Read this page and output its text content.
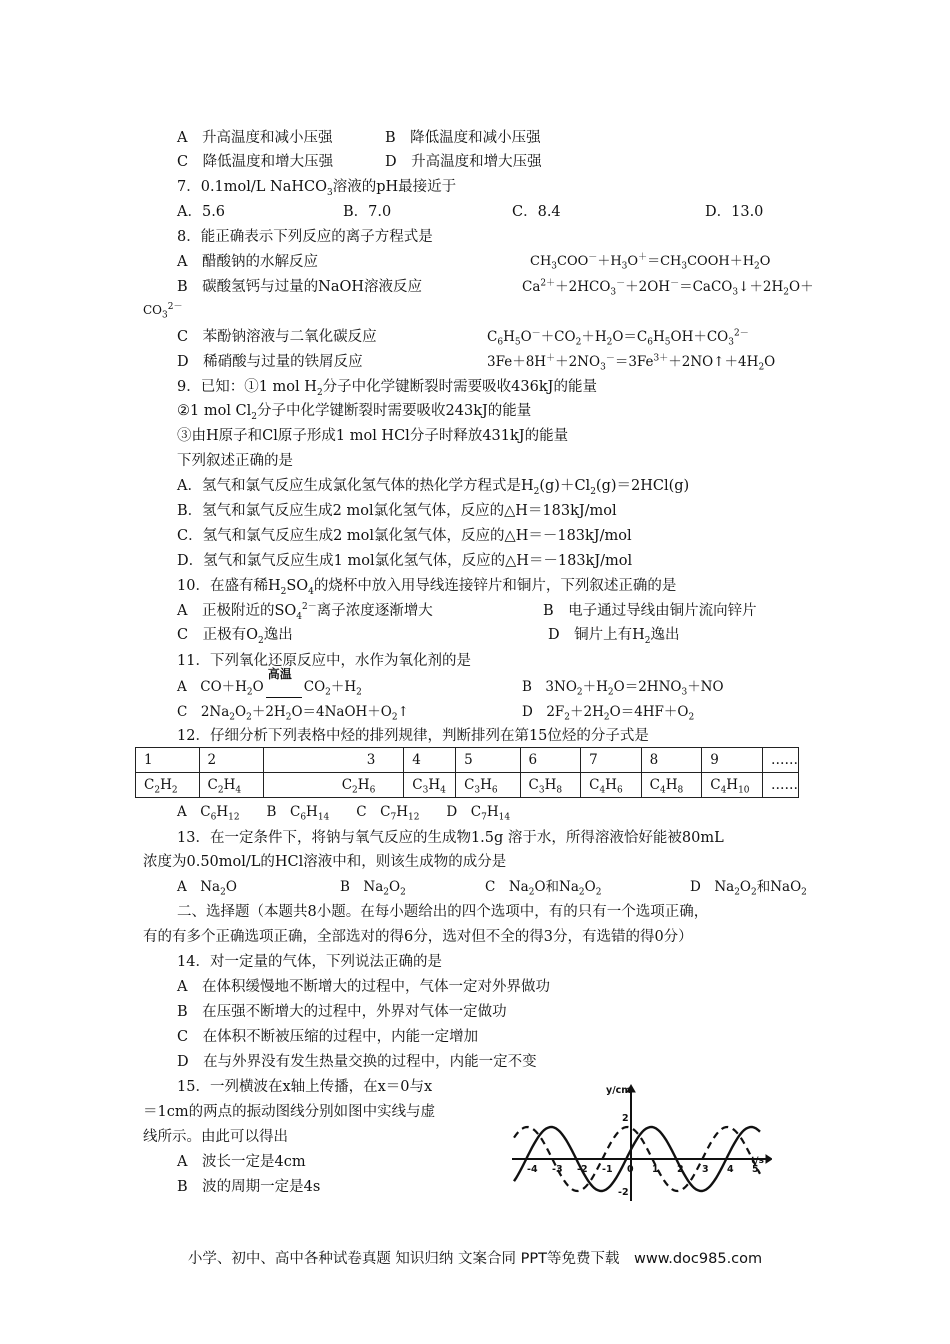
A　升高温度和减小压强	B　降低温度和减小压强
C　降低温度和增大压强	D　升高温度和增大压强
7．0.1mol/L NaHCO$_3$溶液的pH最接近于
A．5.6	B．7.0	C．8.4	D．13.0
8．能正确表示下列反应的离子方程式是
A　醋酸钠的水解反应	$CH_3COO^-+H_3O^+=CH_3COOH+H_2O$
B　碳酸氢钙与过量的NaOH溶液反应	$Ca^{2+}+2HCO_3^-+2OH^-=CaCO_3↓+2H_2O+$
$CO_3^{2-}$
C　苯酚钠溶液与二氧化碳反应	$C_6H_5O^-+CO_2+H_2O=C_6H_5OH+CO_3^{2-}$
D　稀硝酸与过量的铁屑反应	$3Fe+8H^++2NO_3^-=3Fe^{3+}+2NO↑+4H_2O$
9．已知：①1 mol $H_2$分子中化学键断裂时需要吸收436kJ的能量
②1 mol $Cl_2$分子中化学键断裂时需要吸收243kJ的能量
③由H原子和Cl原子形成1 mol HCl分子时释放431kJ的能量
下列叙述正确的是
A．氢气和氯气反应生成氯化氢气体的热化学方程式是$H_2(g)+Cl_2(g)=2HCl(g)$
B．氢气和氯气反应生成2 mol氯化氢气体，反应的△H＝183kJ/mol
C．氢气和氯气反应生成2 mol氯化氢气体，反应的△H＝－183kJ/mol
D．氢气和氯气反应生成1 mol氯化氢气体，反应的△H＝－183kJ/mol
10．在盛有稀$H_2SO_4$的烧杯中放入用导线连接锌片和铜片，下列叙述正确的是
A　正极附近的$SO_4^{2-}$离子浓度逐渐增大	B　电子通过导线由铜片流向锌片
C　正极有$O_2$逸出	D　铜片上有$H_2$逸出
11．下列氧化还原反应中，水作为氧化剂的是
A　$CO+H_2O$
高温
$CO_2+H_2$	B　$3NO_2+H_2O=2HNO_3+NO$
C　$2Na_2O_2+2H_2O=4NaOH+O_2↑$	D　$2F_2+2H_2O=4HF+O_2$
12．仔细分析下列表格中烃的排列规律，判断排列在第15位烃的分子式是
1	2	3	4	5	6	7	8	9	……
$C_2H_2$	$C_2H_4$	$C_2H_6$	$C_3H_4$	$C_3H_6$	$C_3H_8$	$C_4H_6$	$C_4H_8$	$C_4H_{10}$	……
A　$C_6H_{12}$　　B　$C_6H_{14}$　　C　$C_7H_{12}$　　D　$C_7H_{14}$
13．在一定条件下，将钠与氧气反应的生成物1.5g 溶于水，所得溶液恰好能被80mL
浓度为0.50mol/L的HCl溶液中和，则该生成物的成分是
A　$Na_2O$	B　$Na_2O_2$	C　$Na_2O$和$Na_2O_2$	D　$Na_2O_2$和NaO$_2$
二、选择题（本题共8小题。在每小题给出的四个选项中，有的只有一个选项正确，
有的有多个正确选项正确，全部选对的得6分，选对但不全的得3分，有选错的得0分）
14．对一定量的气体，下列说法正确的是
A　在体积缓慢地不断增大的过程中，气体一定对外界做功
B　在压强不断增大的过程中，外界对气体一定做功
C　在体积不断被压缩的过程中，内能一定增加
D　在与外界没有发生热量交换的过程中，内能一定不变
15．一列横波在x轴上传播，在x＝0与x
＝1cm的两点的振动图线分别如图中实线与虚
线所示。由此可以得出
A　波长一定是4cm
B　波的周期一定是4s
y/cm
t/s
2
-2
-4 -3 -2 -1 0 1 2 3 4 5
小学、初中、高中各种试卷真题 知识归纳 文案合同 PPT等免费下载　www.doc985.com
